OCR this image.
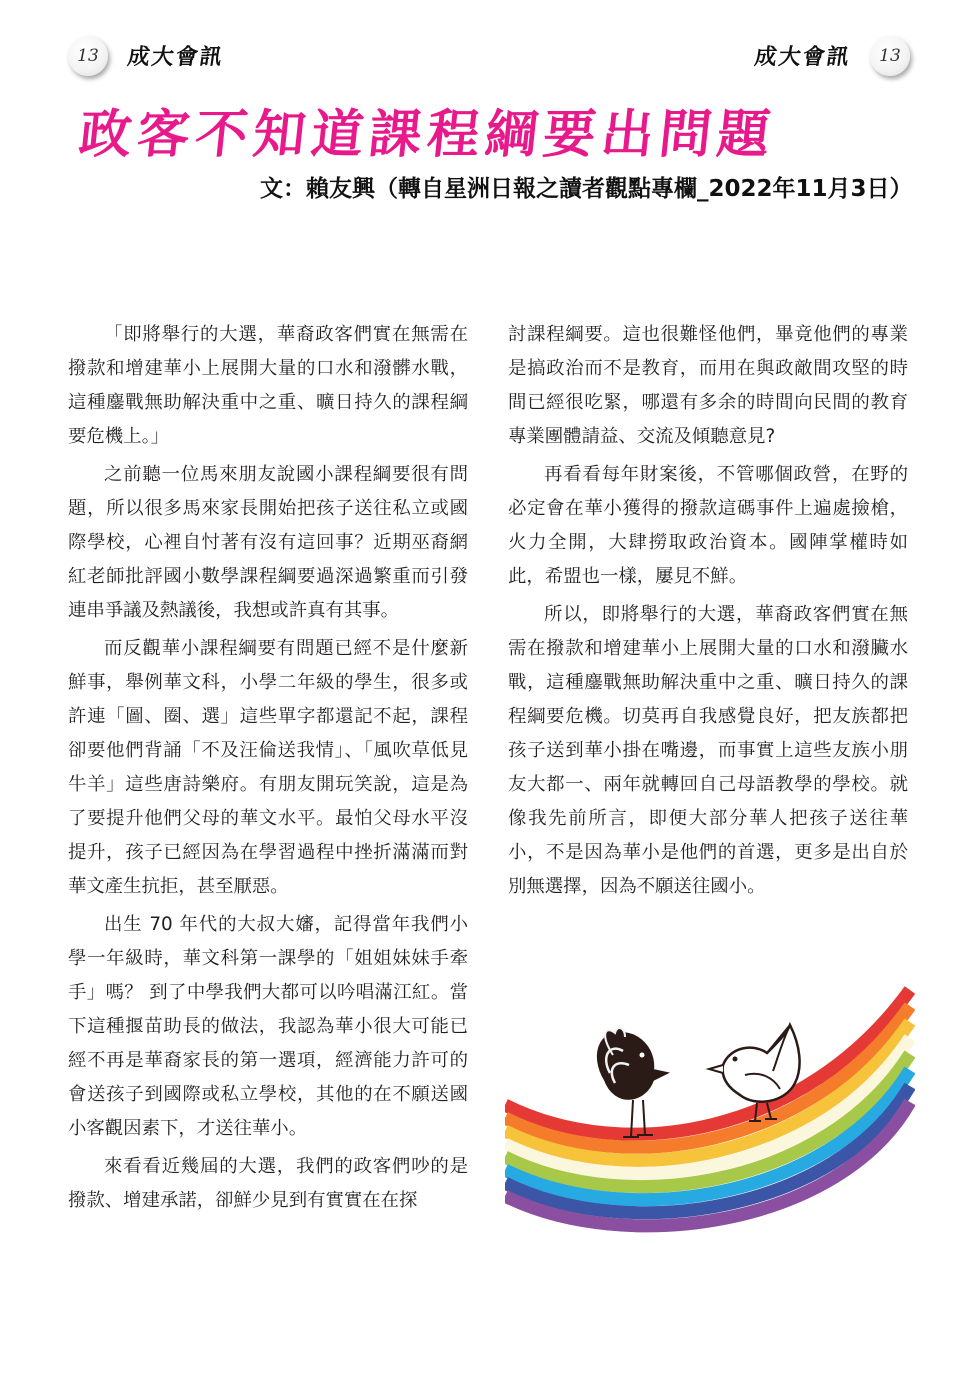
13	成大會訊	成大會訊	13
政客不知道課程綱要出問題
文：賴友興（轉自星洲日報之讀者觀點專欄_2022年11月3日）

「即將舉行的大選，華裔政客們實在無需在撥款和增建華小上展開大量的口水和潑髒水戰，這種鏖戰無助解決重中之重、曠日持久的課程綱要危機上。」

之前聽一位馬來朋友說國小課程綱要很有問題，所以很多馬來家長開始把孩子送往私立或國際學校，心裡自忖著有沒有這回事？近期巫裔網紅老師批評國小數學課程綱要過深過繁重而引發連串爭議及熱議後，我想或許真有其事。

而反觀華小課程綱要有問題已經不是什麼新鮮事，舉例華文科，小學二年級的學生，很多或許連「圖、圈、選」這些單字都還記不起，課程卻要他們背誦「不及汪倫送我情」、「風吹草低見牛羊」這些唐詩樂府。有朋友開玩笑說，這是為了要提升他們父母的華文水平。最怕父母水平沒提升，孩子已經因為在學習過程中挫折滿滿而對華文產生抗拒，甚至厭惡。

出生 70 年代的大叔大嬸，記得當年我們小學一年級時，華文科第一課學的「姐姐妹妹手牽手」嗎？ 到了中學我們大都可以吟唱滿江紅。當下這種揠苗助長的做法，我認為華小很大可能已經不再是華裔家長的第一選項，經濟能力許可的會送孩子到國際或私立學校，其他的在不願送國小客觀因素下，才送往華小。

來看看近幾屆的大選，我們的政客們吵的是撥款、增建承諾，卻鮮少見到有實實在在探

討課程綱要。這也很難怪他們，畢竟他們的專業是搞政治而不是教育，而用在與政敵間攻堅的時間已經很吃緊，哪還有多余的時間向民間的教育專業團體請益、交流及傾聽意見?

再看看每年財案後，不管哪個政營，在野的必定會在華小獲得的撥款這碼事件上遍處撿槍，火力全開，大肆撈取政治資本。國陣掌權時如此，希盟也一樣，屢見不鮮。

所以，即將舉行的大選，華裔政客們實在無需在撥款和增建華小上展開大量的口水和潑臟水戰，這種鏖戰無助解決重中之重、曠日持久的課程綱要危機。切莫再自我感覺良好，把友族都把孩子送到華小掛在嘴邊，而事實上這些友族小朋友大都一、兩年就轉回自己母語教學的學校。就像我先前所言，即便大部分華人把孩子送往華小，不是因為華小是他們的首選，更多是出自於別無選擇，因為不願送往國小。
